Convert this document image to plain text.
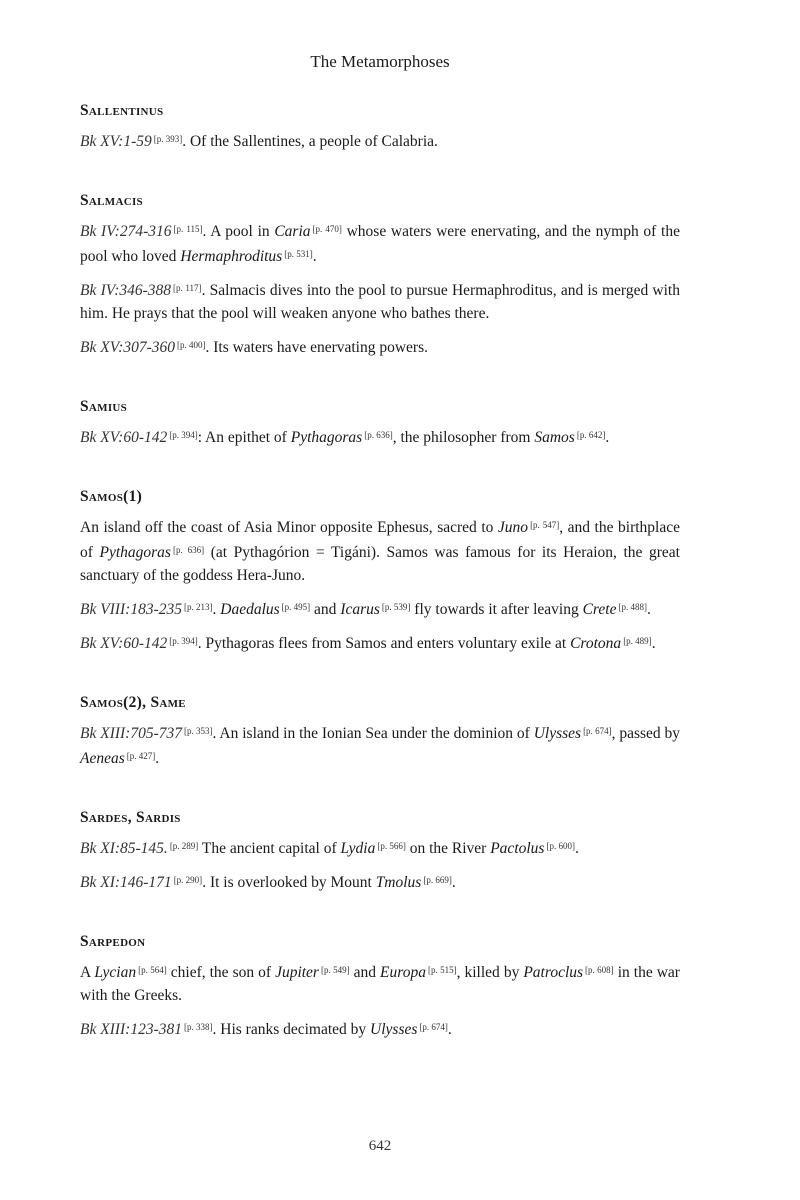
The Metamorphoses
Sallentinus

Bk XV:1-59 [p. 393]. Of the Sallentines, a people of Calabria.

Salmacis

Bk IV:274-316 [p. 115]. A pool in Caria [p. 470] whose waters were enervating, and the nymph of the pool who loved Hermaphroditus [p. 531].

Bk IV:346-388 [p. 117]. Salmacis dives into the pool to pursue Hermaphroditus, and is merged with him. He prays that the pool will weaken anyone who bathes there.

Bk XV:307-360 [p. 400]. Its waters have enervating powers.

Samius

Bk XV:60-142 [p. 394]: An epithet of Pythagoras [p. 636], the philosopher from Samos [p. 642].

Samos(1)

An island off the coast of Asia Minor opposite Ephesus, sacred to Juno [p. 547], and the birthplace of Pythagoras [p. 636] (at Pythagórion = Tigáni). Samos was famous for its Heraion, the great sanctuary of the goddess Hera-Juno.

Bk VIII:183-235 [p. 213]. Daedalus [p. 495] and Icarus [p. 539] fly towards it after leaving Crete [p. 488].

Bk XV:60-142 [p. 394]. Pythagoras flees from Samos and enters voluntary exile at Crotona [p. 489].

Samos(2), Same

Bk XIII:705-737 [p. 353]. An island in the Ionian Sea under the dominion of Ulysses [p. 674], passed by Aeneas [p. 427].

Sardes, Sardis

Bk XI:85-145. [p. 289] The ancient capital of Lydia [p. 566] on the River Pactolus [p. 600].

Bk XI:146-171 [p. 290]. It is overlooked by Mount Tmolus [p. 669].

Sarpedon

A Lycian [p. 564] chief, the son of Jupiter [p. 549] and Europa [p. 515], killed by Patroclus [p. 608] in the war with the Greeks.

Bk XIII:123-381 [p. 338]. His ranks decimated by Ulysses [p. 674].

642
